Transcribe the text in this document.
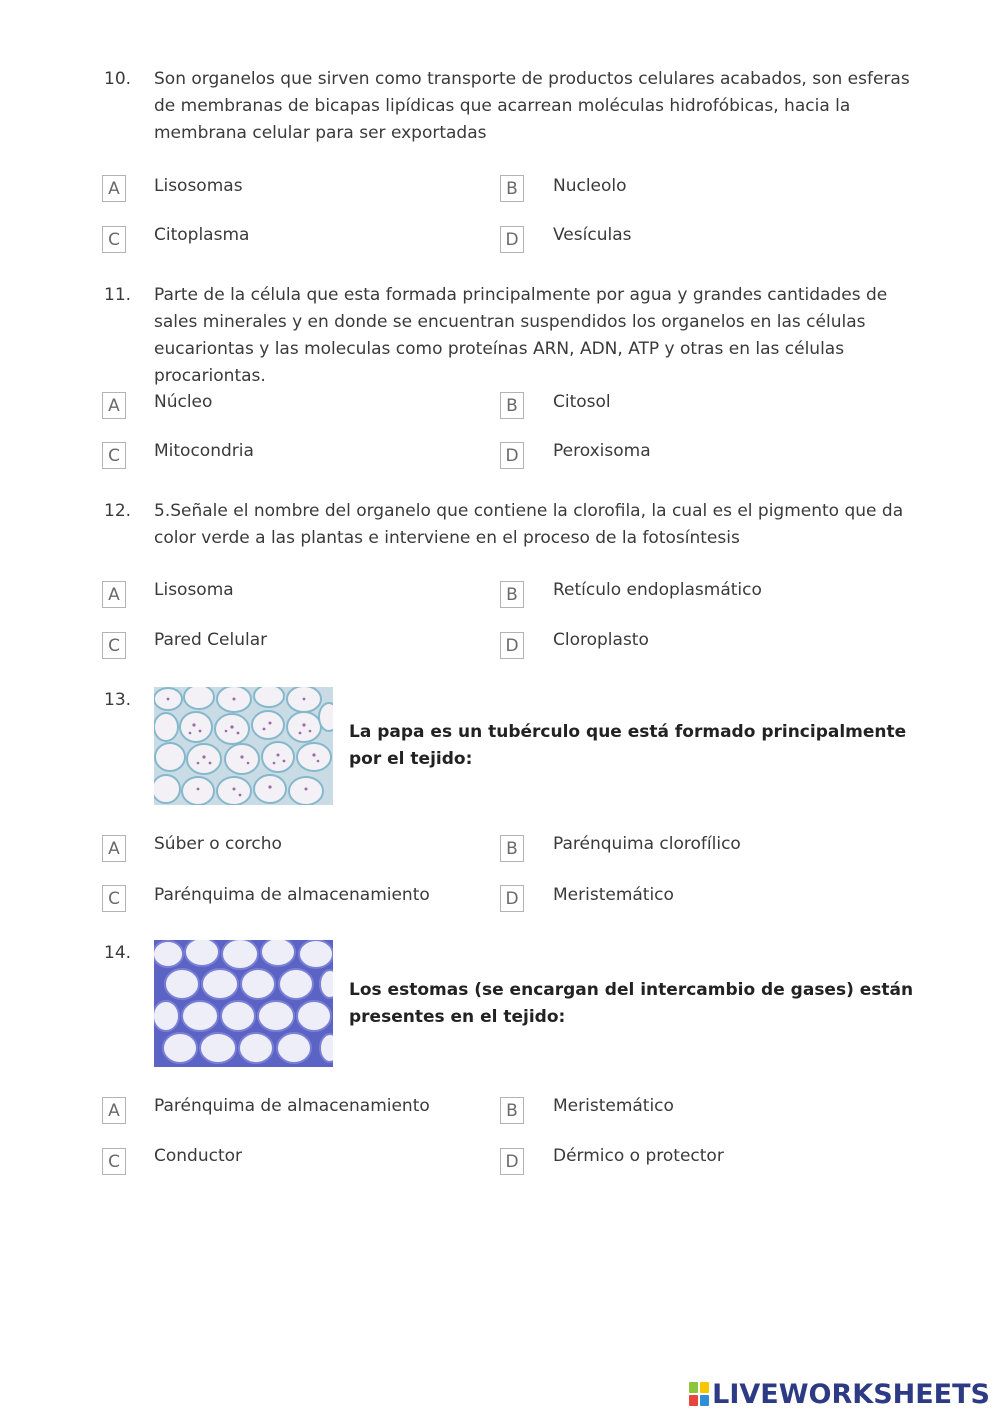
10.	Son organelos que sirven como transporte de productos celulares acabados, son esferas de membranas de bicapas lipídicas que acarrean moléculas hidrofóbicas, hacia la membrana celular para ser exportadas
A	Lisosomas	B	Nucleolo
C	Citoplasma	D	Vesículas
11.	Parte de la célula que esta formada principalmente por agua y grandes cantidades de sales minerales y en donde se encuentran suspendidos los organelos en las células eucariontas y las moleculas como proteínas ARN, ADN, ATP y otras en las células procariontas.
A	Núcleo	B	Citosol
C	Mitocondria	D	Peroxisoma
12.	5.Señale el nombre del organelo que contiene la clorofila, la cual es el pigmento que da color verde a las plantas e interviene en el proceso de la fotosíntesis
A	Lisosoma	B	Retículo endoplasmático
C	Pared Celular	D	Cloroplasto
13.
La papa es un tubérculo que está formado principalmente por el tejido:
A	Súber o corcho	B	Parénquima clorofílico
C	Parénquima de almacenamiento	D	Meristemático
14.
Los estomas (se encargan del intercambio de gases) están presentes en el tejido:
A	Parénquima de almacenamiento	B	Meristemático
C	Conductor	D	Dérmico o protector
LIVEWORKSHEETS
